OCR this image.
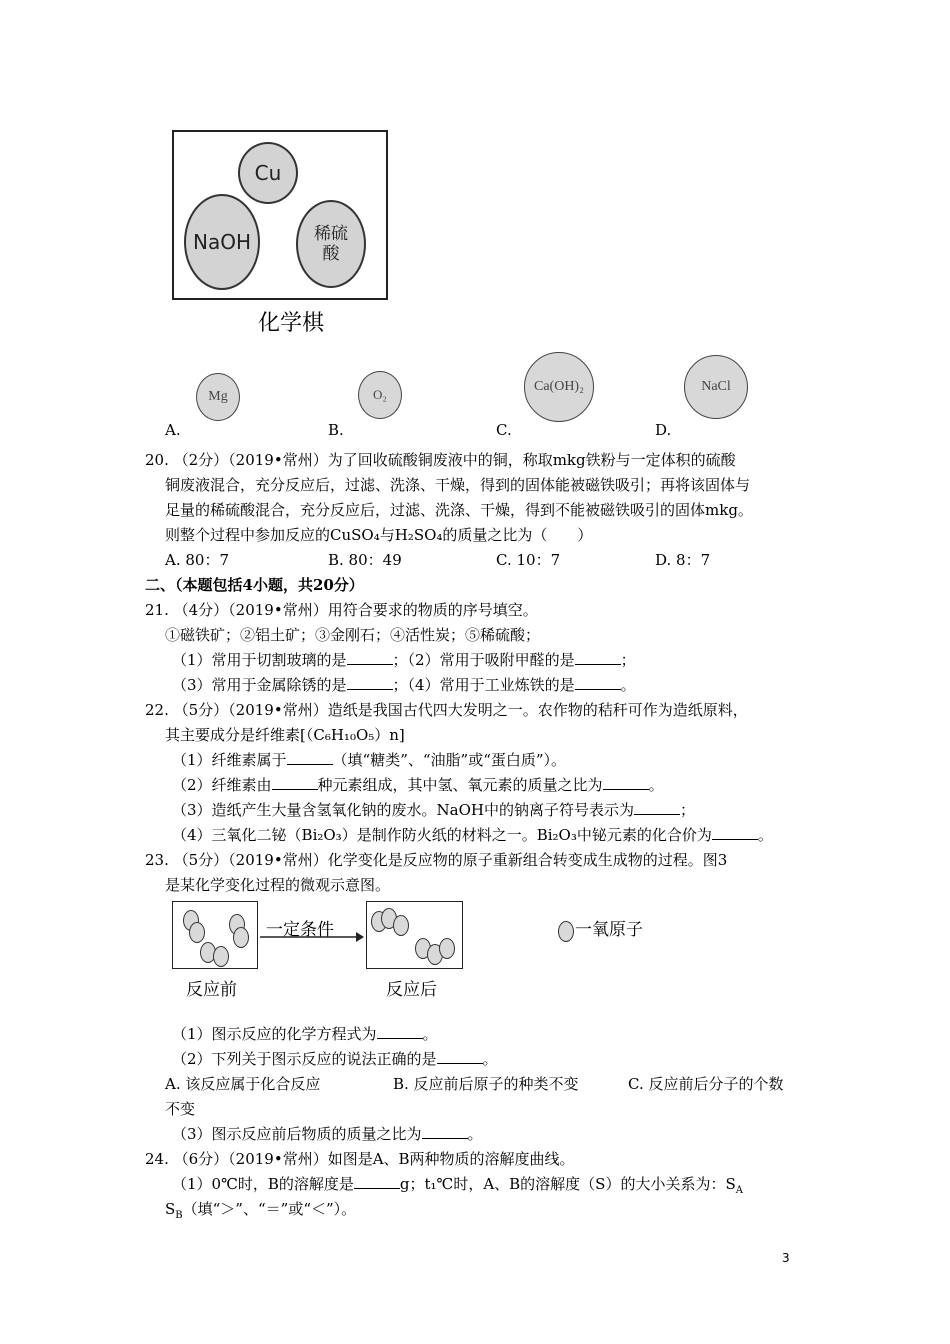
Cu
NaOH	稀硫酸
化学棋
Mg	O₂
Ca(OH)₂	NaCl
A.	B.	C.	D.
20. （2分）（2019•常州）为了回收硫酸铜废液中的铜，称取mkg铁粉与一定体积的硫酸
铜废液混合，充分反应后，过滤、洗涤、干燥，得到的固体能被磁铁吸引；再将该固体与
足量的稀硫酸混合，充分反应后，过滤、洗涤、干燥，得到不能被磁铁吸引的固体mkg。
则整个过程中参加反应的CuSO₄与H₂SO₄的质量之比为（　　）
A. 80：7	B. 80：49	C. 10：7	D. 8：7
二、（本题包括4小题，共20分）
21. （4分）（2019•常州）用符合要求的物质的序号填空。
①磁铁矿；②铝土矿；③金刚石；④活性炭；⑤稀硫酸；
（1）常用于切割玻璃的是	；（2）常用于吸附甲醛的是	；
（3）常用于金属除锈的是	；（4）常用于工业炼铁的是	。
22. （5分）（2019•常州）造纸是我国古代四大发明之一。农作物的秸秆可作为造纸原料，
其主要成分是纤维素[（C₆H₁₀O₅）n]
（1）纤维素属于	（填“糖类”、“油脂”或“蛋白质”）。
（2）纤维素由	种元素组成，其中氢、氧元素的质量之比为	。
（3）造纸产生大量含氢氧化钠的废水。NaOH中的钠离子符号表示为	；
（4）三氧化二铋（Bi₂O₃）是制作防火纸的材料之一。Bi₂O₃中铋元素的化合价为	。
23. （5分）（2019•常州）化学变化是反应物的原子重新组合转变成生成物的过程。图3
是某化学变化过程的微观示意图。
一定条件
反应前	反应后
一氧原子
（1）图示反应的化学方程式为	。
（2）下列关于图示反应的说法正确的是	。
A. 该反应属于化合反应	B. 反应前后原子的种类不变	C. 反应前后分子的个数
不变
（3）图示反应前后物质的质量之比为	。
24. （6分）（2019•常州）如图是A、B两种物质的溶解度曲线。
（1）0℃时，B的溶解度是	g；t₁℃时，A、B的溶解度（S）的大小关系为：$S_A$
$S_B$（填“＞”、“＝”或“＜”）。
3
